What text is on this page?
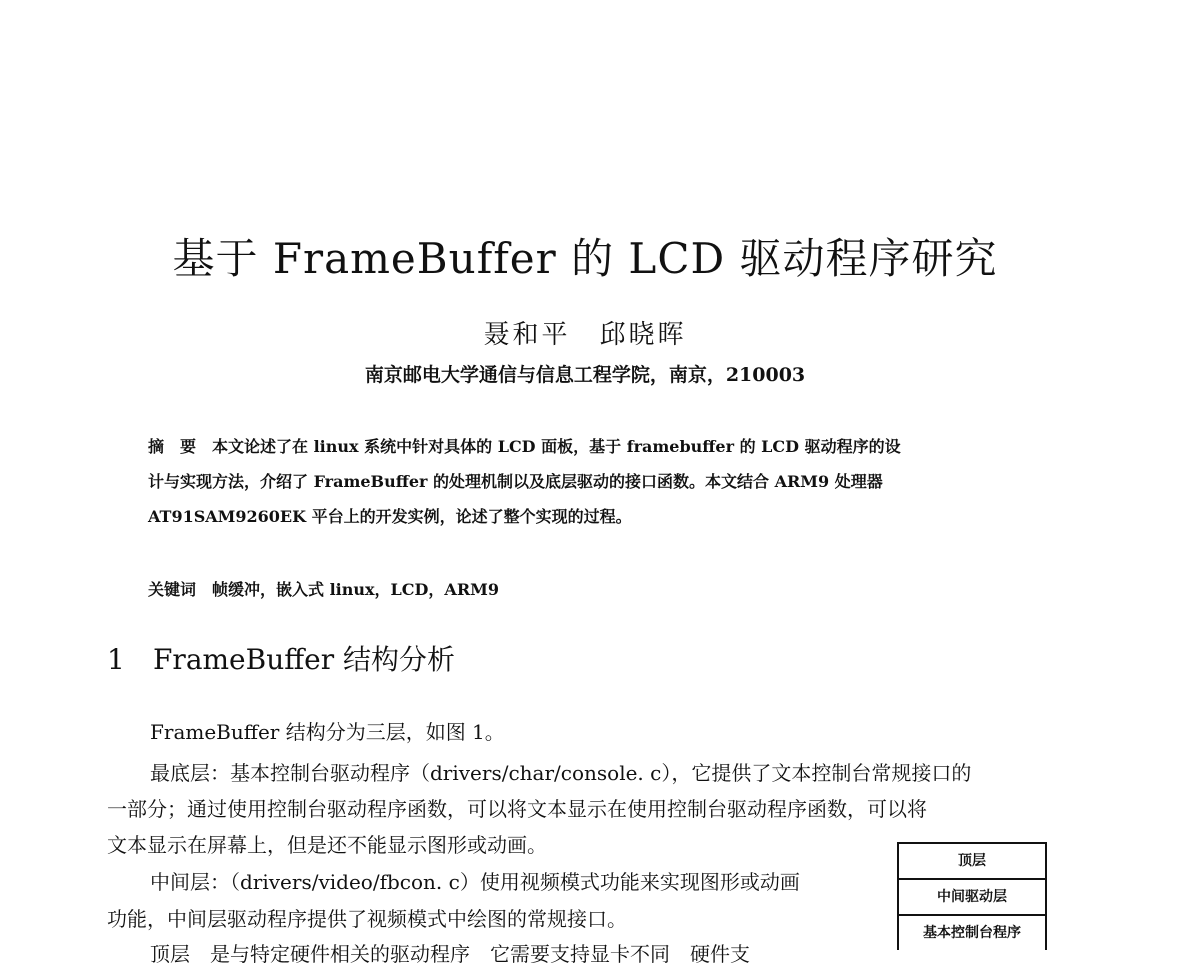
基于 FrameBuffer 的 LCD 驱动程序研究
聂和平　邱晓晖
南京邮电大学通信与信息工程学院，南京，210003
摘　要 本文论述了在 linux 系统中针对具体的 LCD 面板，基于 framebuffer 的 LCD 驱动程序的设
计与实现方法，介绍了 FrameBuffer 的处理机制以及底层驱动的接口函数。本文结合 ARM9 处理器
AT91SAM9260EK 平台上的开发实例，论述了整个实现的过程。
关键词 帧缓冲，嵌入式 linux，LCD，ARM9
1 FrameBuffer 结构分析
FrameBuffer 结构分为三层，如图 1。
最底层：基本控制台驱动程序（drivers/char/console. c），它提供了文本控制台常规接口的
一部分；通过使用控制台驱动程序函数，可以将文本显示在使用控制台驱动程序函数，可以将
文本显示在屏幕上，但是还不能显示图形或动画。
中间层：（drivers/video/fbcon. c）使用视频模式功能来实现图形或动画
功能，中间层驱动程序提供了视频模式中绘图的常规接口。
顶层　是与特定硬件相关的驱动程序　它需要支持显卡不同　硬件支
顶层
中间驱动层
基本控制台程序
